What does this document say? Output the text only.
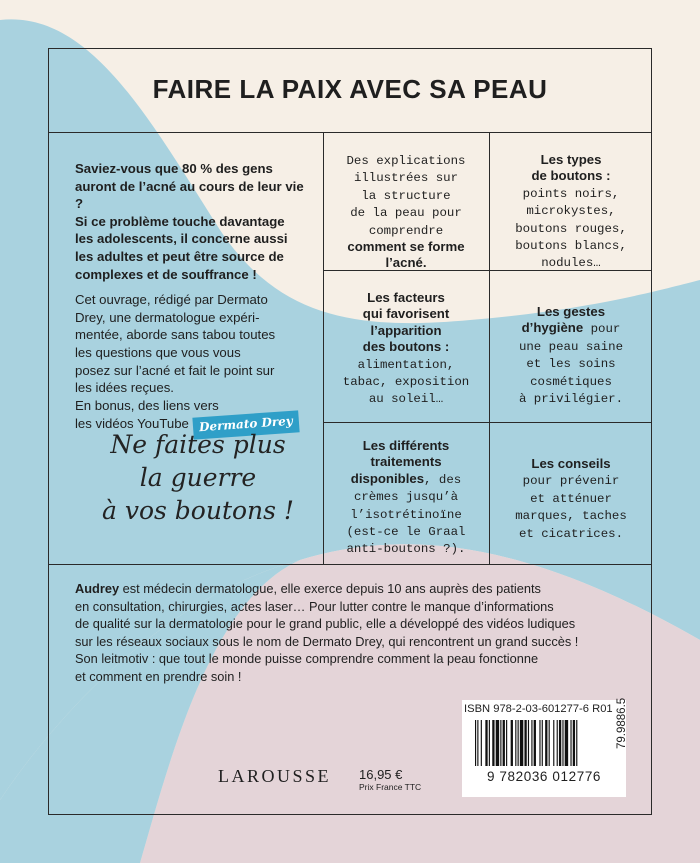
FAIRE LA PAIX AVEC SA PEAU

Saviez-vous que 80 % des gens
auront de l’acné au cours de leur vie ?
Si ce problème touche davantage
les adolescents, il concerne aussi
les adultes et peut être source de
complexes et de souffrance !

Cet ouvrage, rédigé par Dermato
Drey, une dermatologue expéri-
mentée, aborde sans tabou toutes
les questions que vous vous
posez sur l’acné et fait le point sur
les idées reçues.
En bonus, des liens vers
les vidéos YouTube Dermato Drey

Ne faites plus
la guerre
à vos boutons !
Des explications
illustrées sur
la structure
de la peau pour
comprendre
comment se forme
l’acné.
Les types
de boutons :
points noirs,
microkystes,
boutons rouges,
boutons blancs,
nodules…
Les facteurs
qui favorisent
l’apparition
des boutons :
alimentation,
tabac, exposition
au soleil…
Les gestes
d’hygiène pour
une peau saine
et les soins
cosmétiques
à privilégier.
Les différents
traitements
disponibles, des
crèmes jusqu’à
l’isotrétinoïne
(est-ce le Graal
anti-boutons ?).
Les conseils
pour prévenir
et atténuer
marques, taches
et cicatrices.
Audrey est médecin dermatologue, elle exerce depuis 10 ans auprès des patients
en consultation, chirurgies, actes laser… Pour lutter contre le manque d’informations
de qualité sur la dermatologie pour le grand public, elle a développé des vidéos ludiques
sur les réseaux sociaux sous le nom de Dermato Drey, qui rencontrent un grand succès !
Son leitmotiv : que tout le monde puisse comprendre comment la peau fonctionne
et comment en prendre soin !
LAROUSSE 16,95 €
Prix France TTC
ISBN 978-2-03-601277-6 R01
9 782036 012776
79.9886.5
